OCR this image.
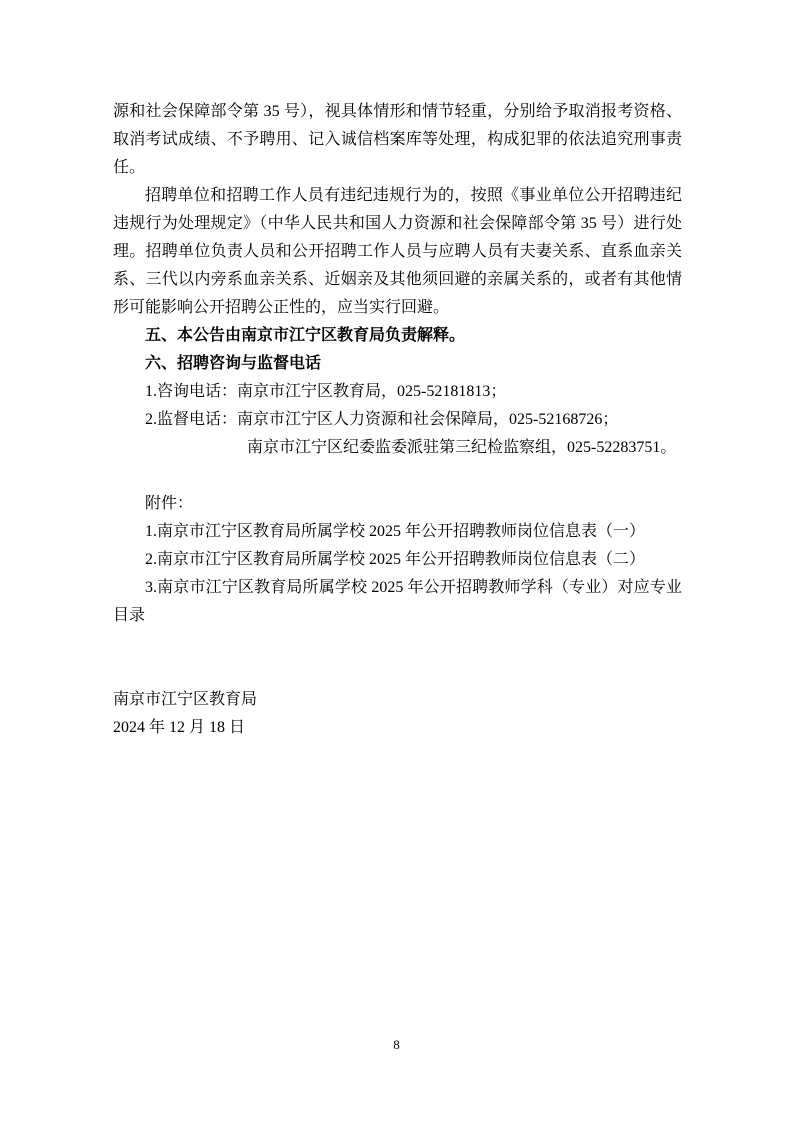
源和社会保障部令第 35 号），视具体情形和情节轻重，分别给予取消报考资格、取消考试成绩、不予聘用、记入诚信档案库等处理，构成犯罪的依法追究刑事责任。

招聘单位和招聘工作人员有违纪违规行为的，按照《事业单位公开招聘违纪违规行为处理规定》（中华人民共和国人力资源和社会保障部令第 35 号）进行处理。招聘单位负责人员和公开招聘工作人员与应聘人员有夫妻关系、直系血亲关系、三代以内旁系血亲关系、近姻亲及其他须回避的亲属关系的，或者有其他情形可能影响公开招聘公正性的，应当实行回避。

五、本公告由南京市江宁区教育局负责解释。

六、招聘咨询与监督电话

1.咨询电话：南京市江宁区教育局，025-52181813；

2.监督电话：南京市江宁区人力资源和社会保障局，025-52168726；

南京市江宁区纪委监委派驻第三纪检监察组，025-52283751。

附件：

1.南京市江宁区教育局所属学校 2025 年公开招聘教师岗位信息表（一）

2.南京市江宁区教育局所属学校 2025 年公开招聘教师岗位信息表（二）

3.南京市江宁区教育局所属学校 2025 年公开招聘教师学科（专业）对应专业目录

南京市江宁区教育局

2024 年 12 月 18 日

8
